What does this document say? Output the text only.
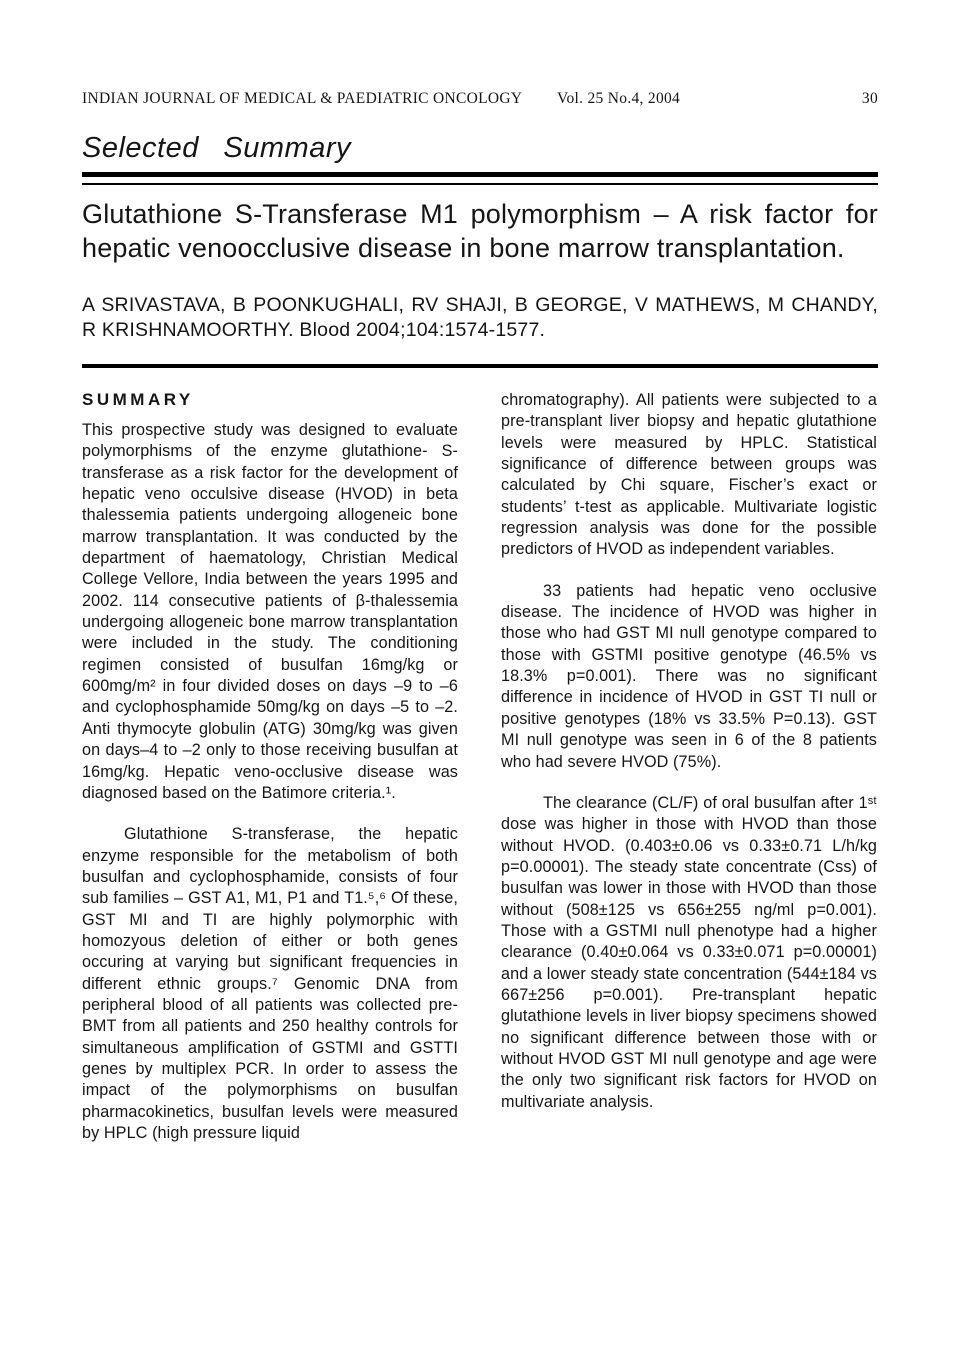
INDIAN JOURNAL OF MEDICAL & PAEDIATRIC ONCOLOGY	Vol. 25 No.4, 2004	30
Selected Summary
Glutathione S-Transferase M1 polymorphism – A risk factor for hepatic venoocclusive disease in bone marrow transplantation.

A SRIVASTAVA, B POONKUGHALI, RV SHAJI, B GEORGE, V MATHEWS, M CHANDY, R KRISHNAMOORTHY. Blood 2004;104:1574-1577.

SUMMARY

This prospective study was designed to evaluate polymorphisms of the enzyme glutathione- S-transferase as a risk factor for the development of hepatic veno occulsive disease (HVOD) in beta thalessemia patients undergoing allogeneic bone marrow transplantation. It was conducted by the department of haematology, Christian Medical College Vellore, India between the years 1995 and 2002. 114 consecutive patients of β-thalessemia undergoing allogeneic bone marrow transplantation were included in the study. The conditioning regimen consisted of busulfan 16mg/kg or 600mg/m² in four divided doses on days –9 to –6 and cyclophosphamide 50mg/kg on days –5 to –2. Anti thymocyte globulin (ATG) 30mg/kg was given on days–4 to –2 only to those receiving busulfan at 16mg/kg. Hepatic veno-occlusive disease was diagnosed based on the Batimore criteria.¹.

Glutathione S-transferase, the hepatic enzyme responsible for the metabolism of both busulfan and cyclophosphamide, consists of four sub families – GST A1, M1, P1 and T1.⁵,⁶ Of these, GST MI and TI are highly polymorphic with homozyous deletion of either or both genes occuring at varying but significant frequencies in different ethnic groups.⁷ Genomic DNA from peripheral blood of all patients was collected pre-BMT from all patients and 250 healthy controls for simultaneous amplification of GSTMI and GSTTI genes by multiplex PCR. In order to assess the impact of the polymorphisms on busulfan pharmacokinetics, busulfan levels were measured by HPLC (high pressure liquid

chromatography). All patients were subjected to a pre-transplant liver biopsy and hepatic glutathione levels were measured by HPLC. Statistical significance of difference between groups was calculated by Chi square, Fischer’s exact or students’ t-test as applicable. Multivariate logistic regression analysis was done for the possible predictors of HVOD as independent variables.

33 patients had hepatic veno occlusive disease. The incidence of HVOD was higher in those who had GST MI null genotype compared to those with GSTMI positive genotype (46.5% vs 18.3% p=0.001). There was no significant difference in incidence of HVOD in GST TI null or positive genotypes (18% vs 33.5% P=0.13). GST MI null genotype was seen in 6 of the 8 patients who had severe HVOD (75%).

The clearance (CL/F) of oral busulfan after 1ˢᵗ dose was higher in those with HVOD than those without HVOD. (0.403±0.06 vs 0.33±0.71 L/h/kg p=0.00001). The steady state concentrate (Css) of busulfan was lower in those with HVOD than those without (508±125 vs 656±255 ng/ml p=0.001). Those with a GSTMI null phenotype had a higher clearance (0.40±0.064 vs 0.33±0.071 p=0.00001) and a lower steady state concentration (544±184 vs 667±256 p=0.001). Pre-transplant hepatic glutathione levels in liver biopsy specimens showed no significant difference between those with or without HVOD GST MI null genotype and age were the only two significant risk factors for HVOD on multivariate analysis.
